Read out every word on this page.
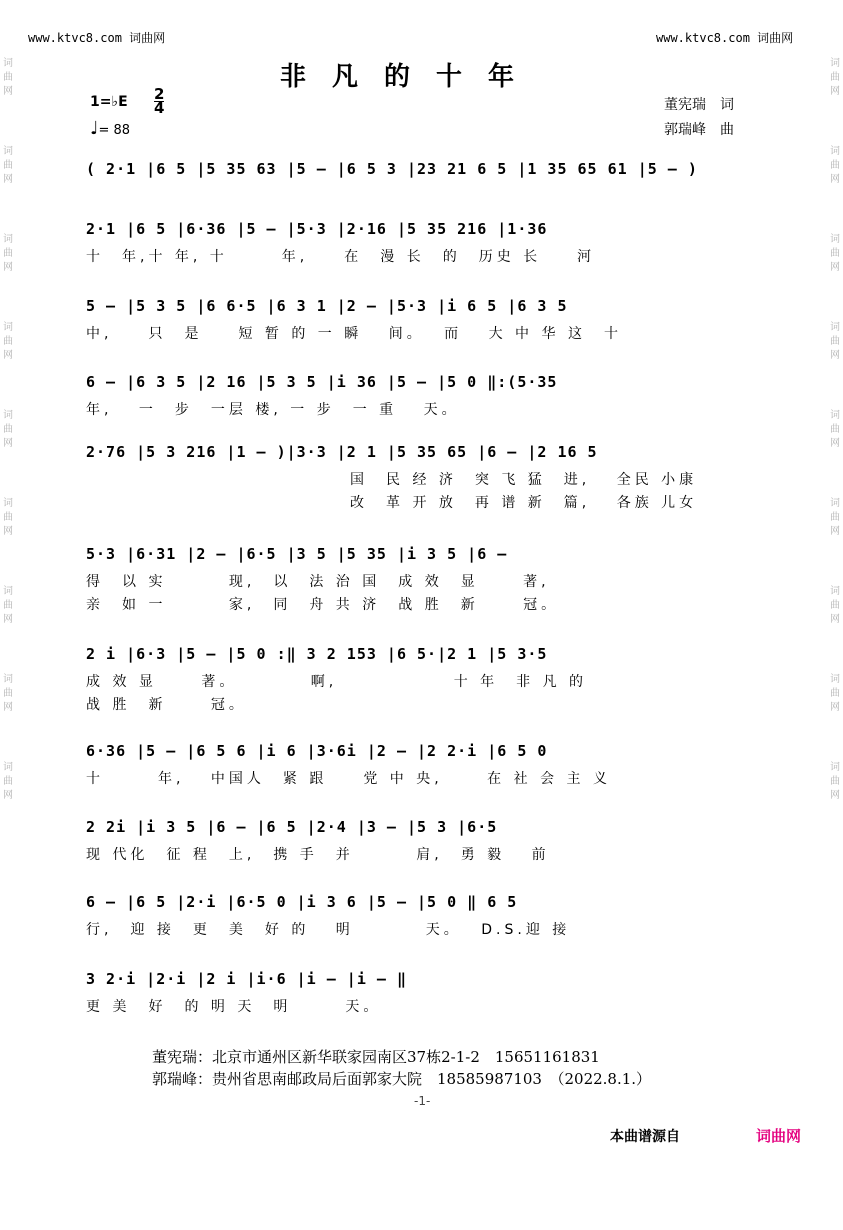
词
曲
网
词
曲
网
词
曲
网
词
曲
网
词
曲
网
词
曲
网
词
曲
网
词
曲
网
词
曲
网
词
曲
网
词
曲
网
词
曲
网
词
曲
网
词
曲
网
词
曲
网
词
曲
网
词
曲
网
词
曲
网
www.ktvc8.com 词曲网	www.ktvc8.com 词曲网
非凡的十年
1=♭E 2
4
♩= 88
董宪瑞　词
郭瑞峰　曲
( 2·1 |6 5 |5 35 63 |5 – |6 5 3 |23 21 6 5 |1 35 65 61 |5 – )
2·1 |6 5 |6·36 |5 – |5·3 |2·16 |5 35 216 |1·36
十　年,十 年, 十　　　年,　　在　漫 长　的　历史 长　　河
5 – |5 3 5 |6 6·5 |6 3 1 |2 – |5·3 |i 6 5 |6 3 5
中,　　只　是　　短 暂 的 一 瞬　 间。　 而　 大 中 华 这　十
6 – |6 3 5 |2 16 |5 3 5 |i 36 |5 – |5 0 ‖:(5·35
年,　 一　步　一层 楼, 一 步　一 重　 天。
2·76 |5 3 216 |1 – )|3·3 |2 1 |5 35 65 |6 – |2 16 5
国　民 经 济　突 飞 猛　进,　 全民 小康
改　革 开 放　再 谱 新　篇,　 各族 儿女
5·3 |6·31 |2 – |6·5 |3 5 |5 35 |i 3 5 |6 –
得　以 实　　　 现,　以　法 治 国　成 效　显　　 著,
亲　如 一　　　 家,　同　舟 共 济　战 胜　新　　 冠。
2 i |6·3 |5 – |5 0 :‖ 3 2 153 |6 5·|2 1 |5 3·5
成 效 显　　 著。　　　　 啊,　　　　　　 十 年　非 凡 的
战 胜　新　　 冠。
6·36 |5 – |6 5 6 |i 6 |3·6i |2 – |2 2·i |6 5 0
十　　　年,　 中国人　紧 跟　　党 中 央,　　 在 社 会 主 义
2 2i |i 3 5 |6 – |6 5 |2·4 |3 – |5 3 |6·5
现 代化　征 程　上,　携 手　并　　　 肩,　勇 毅　 前
6 – |6 5 |2·i |6·5 0 |i 3 6 |5 – |5 0 ‖ 6 5
行,　迎 接　更　美　好 的　 明　　　　天。　 D.S.迎 接
3 2·i |2·i |2 i |i·6 |i – |i – ‖
更 美　好　的 明 天　明　　　天。
董宪瑞：北京市通州区新华联家园南区37栋2-1-2　15651161831
郭瑞峰：贵州省思南邮政局后面郭家大院　18585987103　（2022.8.1.）
-1-
本曲谱源自	词曲网
